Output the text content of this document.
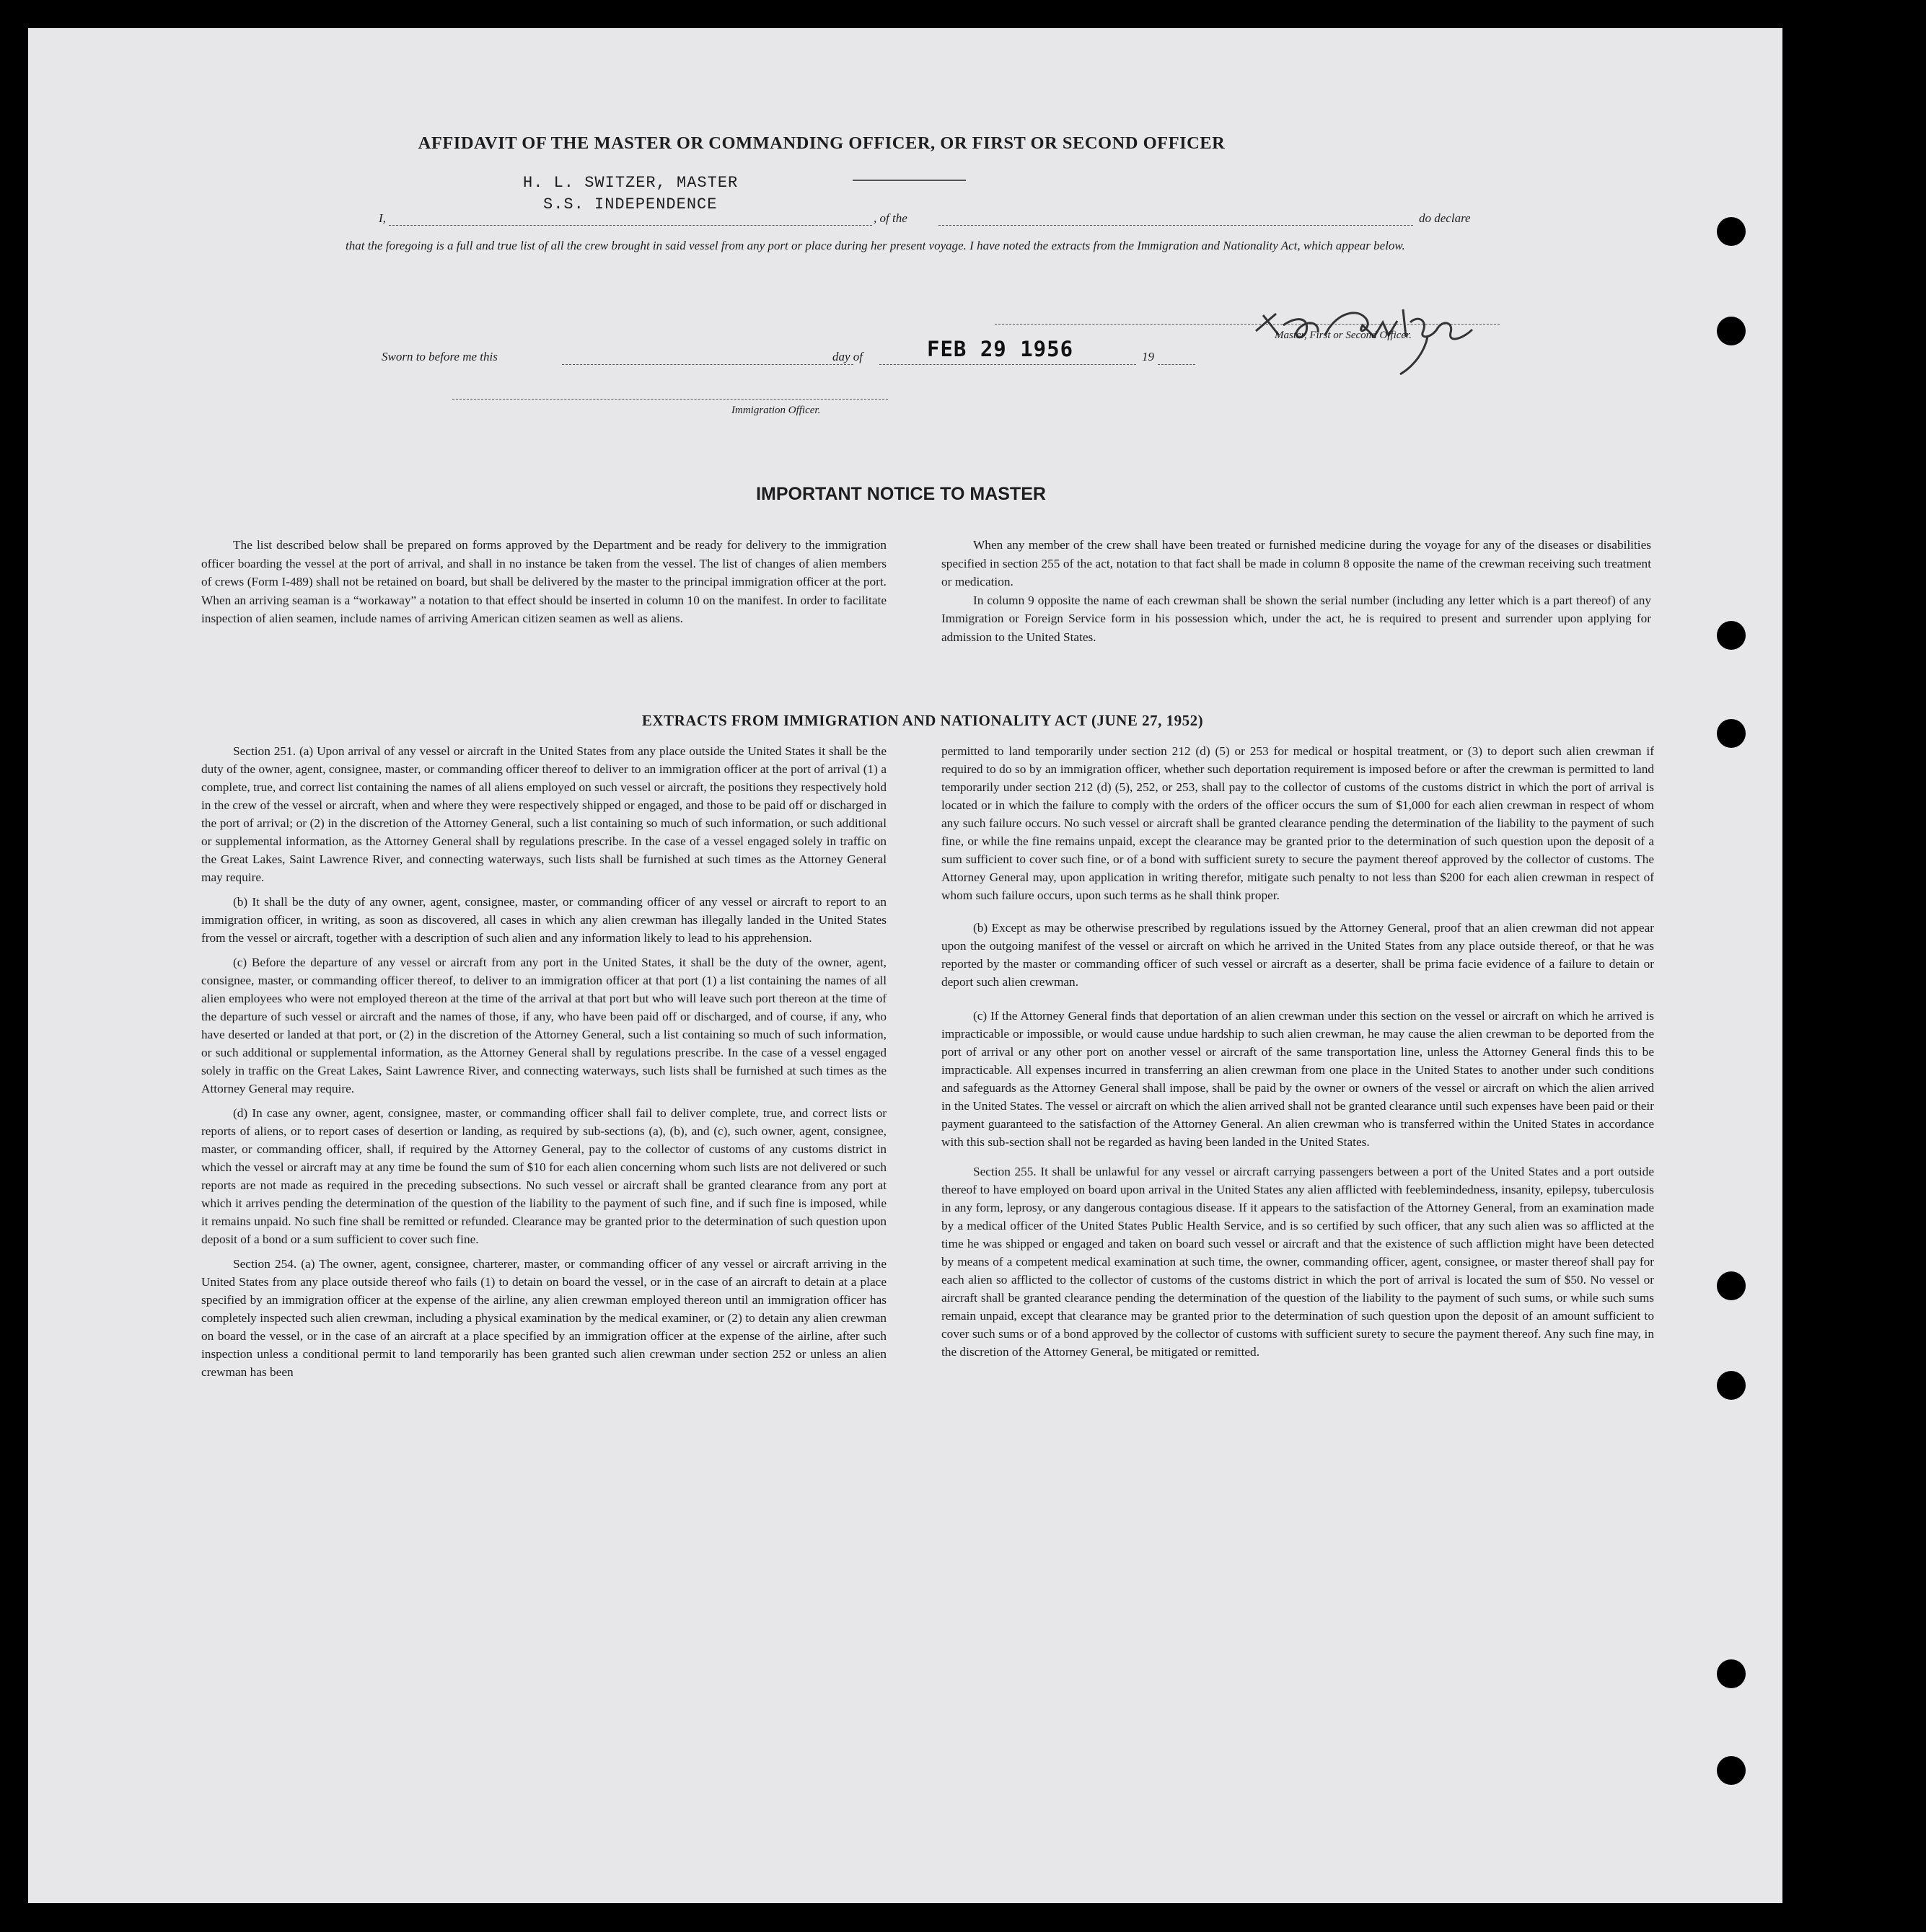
AFFIDAVIT OF THE MASTER OR COMMANDING OFFICER, OR FIRST OR SECOND OFFICER
H. L. SWITZER, MASTER
S.S. INDEPENDENCE
I,	, of the	do declare
that the foregoing is a full and true list of all the crew brought in said vessel from any port or place during her present voyage. I have noted the extracts from the Immigration and Nationality Act, which appear below.
Master, First or Second Officer.
Sworn to before me this	day of	FEB 29 1956	19
Immigration Officer.
IMPORTANT NOTICE TO MASTER

The list described below shall be prepared on forms approved by the Department and be ready for delivery to the immigration officer boarding the vessel at the port of arrival, and shall in no instance be taken from the vessel. The list of changes of alien members of crews (Form I-489) shall not be retained on board, but shall be delivered by the master to the principal immigration officer at the port. When an arriving seaman is a “workaway” a notation to that effect should be inserted in column 10 on the manifest. In order to facilitate inspection of alien seamen, include names of arriving American citizen seamen as well as aliens.

When any member of the crew shall have been treated or furnished medicine during the voyage for any of the diseases or disabilities specified in section 255 of the act, notation to that fact shall be made in column 8 opposite the name of the crewman receiving such treatment or medication.

In column 9 opposite the name of each crewman shall be shown the serial number (including any letter which is a part thereof) of any Immigration or Foreign Service form in his possession which, under the act, he is required to present and surrender upon applying for admission to the United States.

EXTRACTS FROM IMMIGRATION AND NATIONALITY ACT (JUNE 27, 1952)

Section 251. (a) Upon arrival of any vessel or aircraft in the United States from any place outside the United States it shall be the duty of the owner, agent, consignee, master, or commanding officer thereof to deliver to an immigration officer at the port of arrival (1) a complete, true, and correct list containing the names of all aliens employed on such vessel or aircraft, the positions they respectively hold in the crew of the vessel or aircraft, when and where they were respectively shipped or engaged, and those to be paid off or discharged in the port of arrival; or (2) in the discretion of the Attorney General, such a list containing so much of such information, or such additional or supplemental information, as the Attorney General shall by regulations prescribe. In the case of a vessel engaged solely in traffic on the Great Lakes, Saint Lawrence River, and connecting waterways, such lists shall be furnished at such times as the Attorney General may require.

(b) It shall be the duty of any owner, agent, consignee, master, or commanding officer of any vessel or aircraft to report to an immigration officer, in writing, as soon as discovered, all cases in which any alien crewman has illegally landed in the United States from the vessel or aircraft, together with a description of such alien and any information likely to lead to his apprehension.

(c) Before the departure of any vessel or aircraft from any port in the United States, it shall be the duty of the owner, agent, consignee, master, or commanding officer thereof, to deliver to an immigration officer at that port (1) a list containing the names of all alien employees who were not employed thereon at the time of the arrival at that port but who will leave such port thereon at the time of the departure of such vessel or aircraft and the names of those, if any, who have been paid off or discharged, and of course, if any, who have deserted or landed at that port, or (2) in the discretion of the Attorney General, such a list containing so much of such information, or such additional or supplemental information, as the Attorney General shall by regulations prescribe. In the case of a vessel engaged solely in traffic on the Great Lakes, Saint Lawrence River, and connecting waterways, such lists shall be furnished at such times as the Attorney General may require.

(d) In case any owner, agent, consignee, master, or commanding officer shall fail to deliver complete, true, and correct lists or reports of aliens, or to report cases of desertion or landing, as required by sub-sections (a), (b), and (c), such owner, agent, consignee, master, or commanding officer, shall, if required by the Attorney General, pay to the collector of customs of any customs district in which the vessel or aircraft may at any time be found the sum of $10 for each alien concerning whom such lists are not delivered or such reports are not made as required in the preceding subsections. No such vessel or aircraft shall be granted clearance from any port at which it arrives pending the determination of the question of the liability to the payment of such fine, and if such fine is imposed, while it remains unpaid. No such fine shall be remitted or refunded. Clearance may be granted prior to the determination of such question upon deposit of a bond or a sum sufficient to cover such fine.

Section 254. (a) The owner, agent, consignee, charterer, master, or commanding officer of any vessel or aircraft arriving in the United States from any place outside thereof who fails (1) to detain on board the vessel, or in the case of an aircraft to detain at a place specified by an immigration officer at the expense of the airline, any alien crewman employed thereon until an immigration officer has completely inspected such alien crewman, including a physical examination by the medical examiner, or (2) to detain any alien crewman on board the vessel, or in the case of an aircraft at a place specified by an immigration officer at the expense of the airline, after such inspection unless a conditional permit to land temporarily has been granted such alien crewman under section 252 or unless an alien crewman has been

permitted to land temporarily under section 212 (d) (5) or 253 for medical or hospital treatment, or (3) to deport such alien crewman if required to do so by an immigration officer, whether such deportation requirement is imposed before or after the crewman is permitted to land temporarily under section 212 (d) (5), 252, or 253, shall pay to the collector of customs of the customs district in which the port of arrival is located or in which the failure to comply with the orders of the officer occurs the sum of $1,000 for each alien crewman in respect of whom any such failure occurs. No such vessel or aircraft shall be granted clearance pending the determination of the liability to the payment of such fine, or while the fine remains unpaid, except the clearance may be granted prior to the determination of such question upon the deposit of a sum sufficient to cover such fine, or of a bond with sufficient surety to secure the payment thereof approved by the collector of customs. The Attorney General may, upon application in writing therefor, mitigate such penalty to not less than $200 for each alien crewman in respect of whom such failure occurs, upon such terms as he shall think proper.

(b) Except as may be otherwise prescribed by regulations issued by the Attorney General, proof that an alien crewman did not appear upon the outgoing manifest of the vessel or aircraft on which he arrived in the United States from any place outside thereof, or that he was reported by the master or commanding officer of such vessel or aircraft as a deserter, shall be prima facie evidence of a failure to detain or deport such alien crewman.

(c) If the Attorney General finds that deportation of an alien crewman under this section on the vessel or aircraft on which he arrived is impracticable or impossible, or would cause undue hardship to such alien crewman, he may cause the alien crewman to be deported from the port of arrival or any other port on another vessel or aircraft of the same transportation line, unless the Attorney General finds this to be impracticable. All expenses incurred in transferring an alien crewman from one place in the United States to another under such conditions and safeguards as the Attorney General shall impose, shall be paid by the owner or owners of the vessel or aircraft on which the alien arrived in the United States. The vessel or aircraft on which the alien arrived shall not be granted clearance until such expenses have been paid or their payment guaranteed to the satisfaction of the Attorney General. An alien crewman who is transferred within the United States in accordance with this sub-section shall not be regarded as having been landed in the United States.

Section 255. It shall be unlawful for any vessel or aircraft carrying passengers between a port of the United States and a port outside thereof to have employed on board upon arrival in the United States any alien afflicted with feeblemindedness, insanity, epilepsy, tuberculosis in any form, leprosy, or any dangerous contagious disease. If it appears to the satisfaction of the Attorney General, from an examination made by a medical officer of the United States Public Health Service, and is so certified by such officer, that any such alien was so afflicted at the time he was shipped or engaged and taken on board such vessel or aircraft and that the existence of such affliction might have been detected by means of a competent medical examination at such time, the owner, commanding officer, agent, consignee, or master thereof shall pay for each alien so afflicted to the collector of customs of the customs district in which the port of arrival is located the sum of $50. No vessel or aircraft shall be granted clearance pending the determination of the question of the liability to the payment of such sums, or while such sums remain unpaid, except that clearance may be granted prior to the determination of such question upon the deposit of an amount sufficient to cover such sums or of a bond approved by the collector of customs with sufficient surety to secure the payment thereof. Any such fine may, in the discretion of the Attorney General, be mitigated or remitted.
